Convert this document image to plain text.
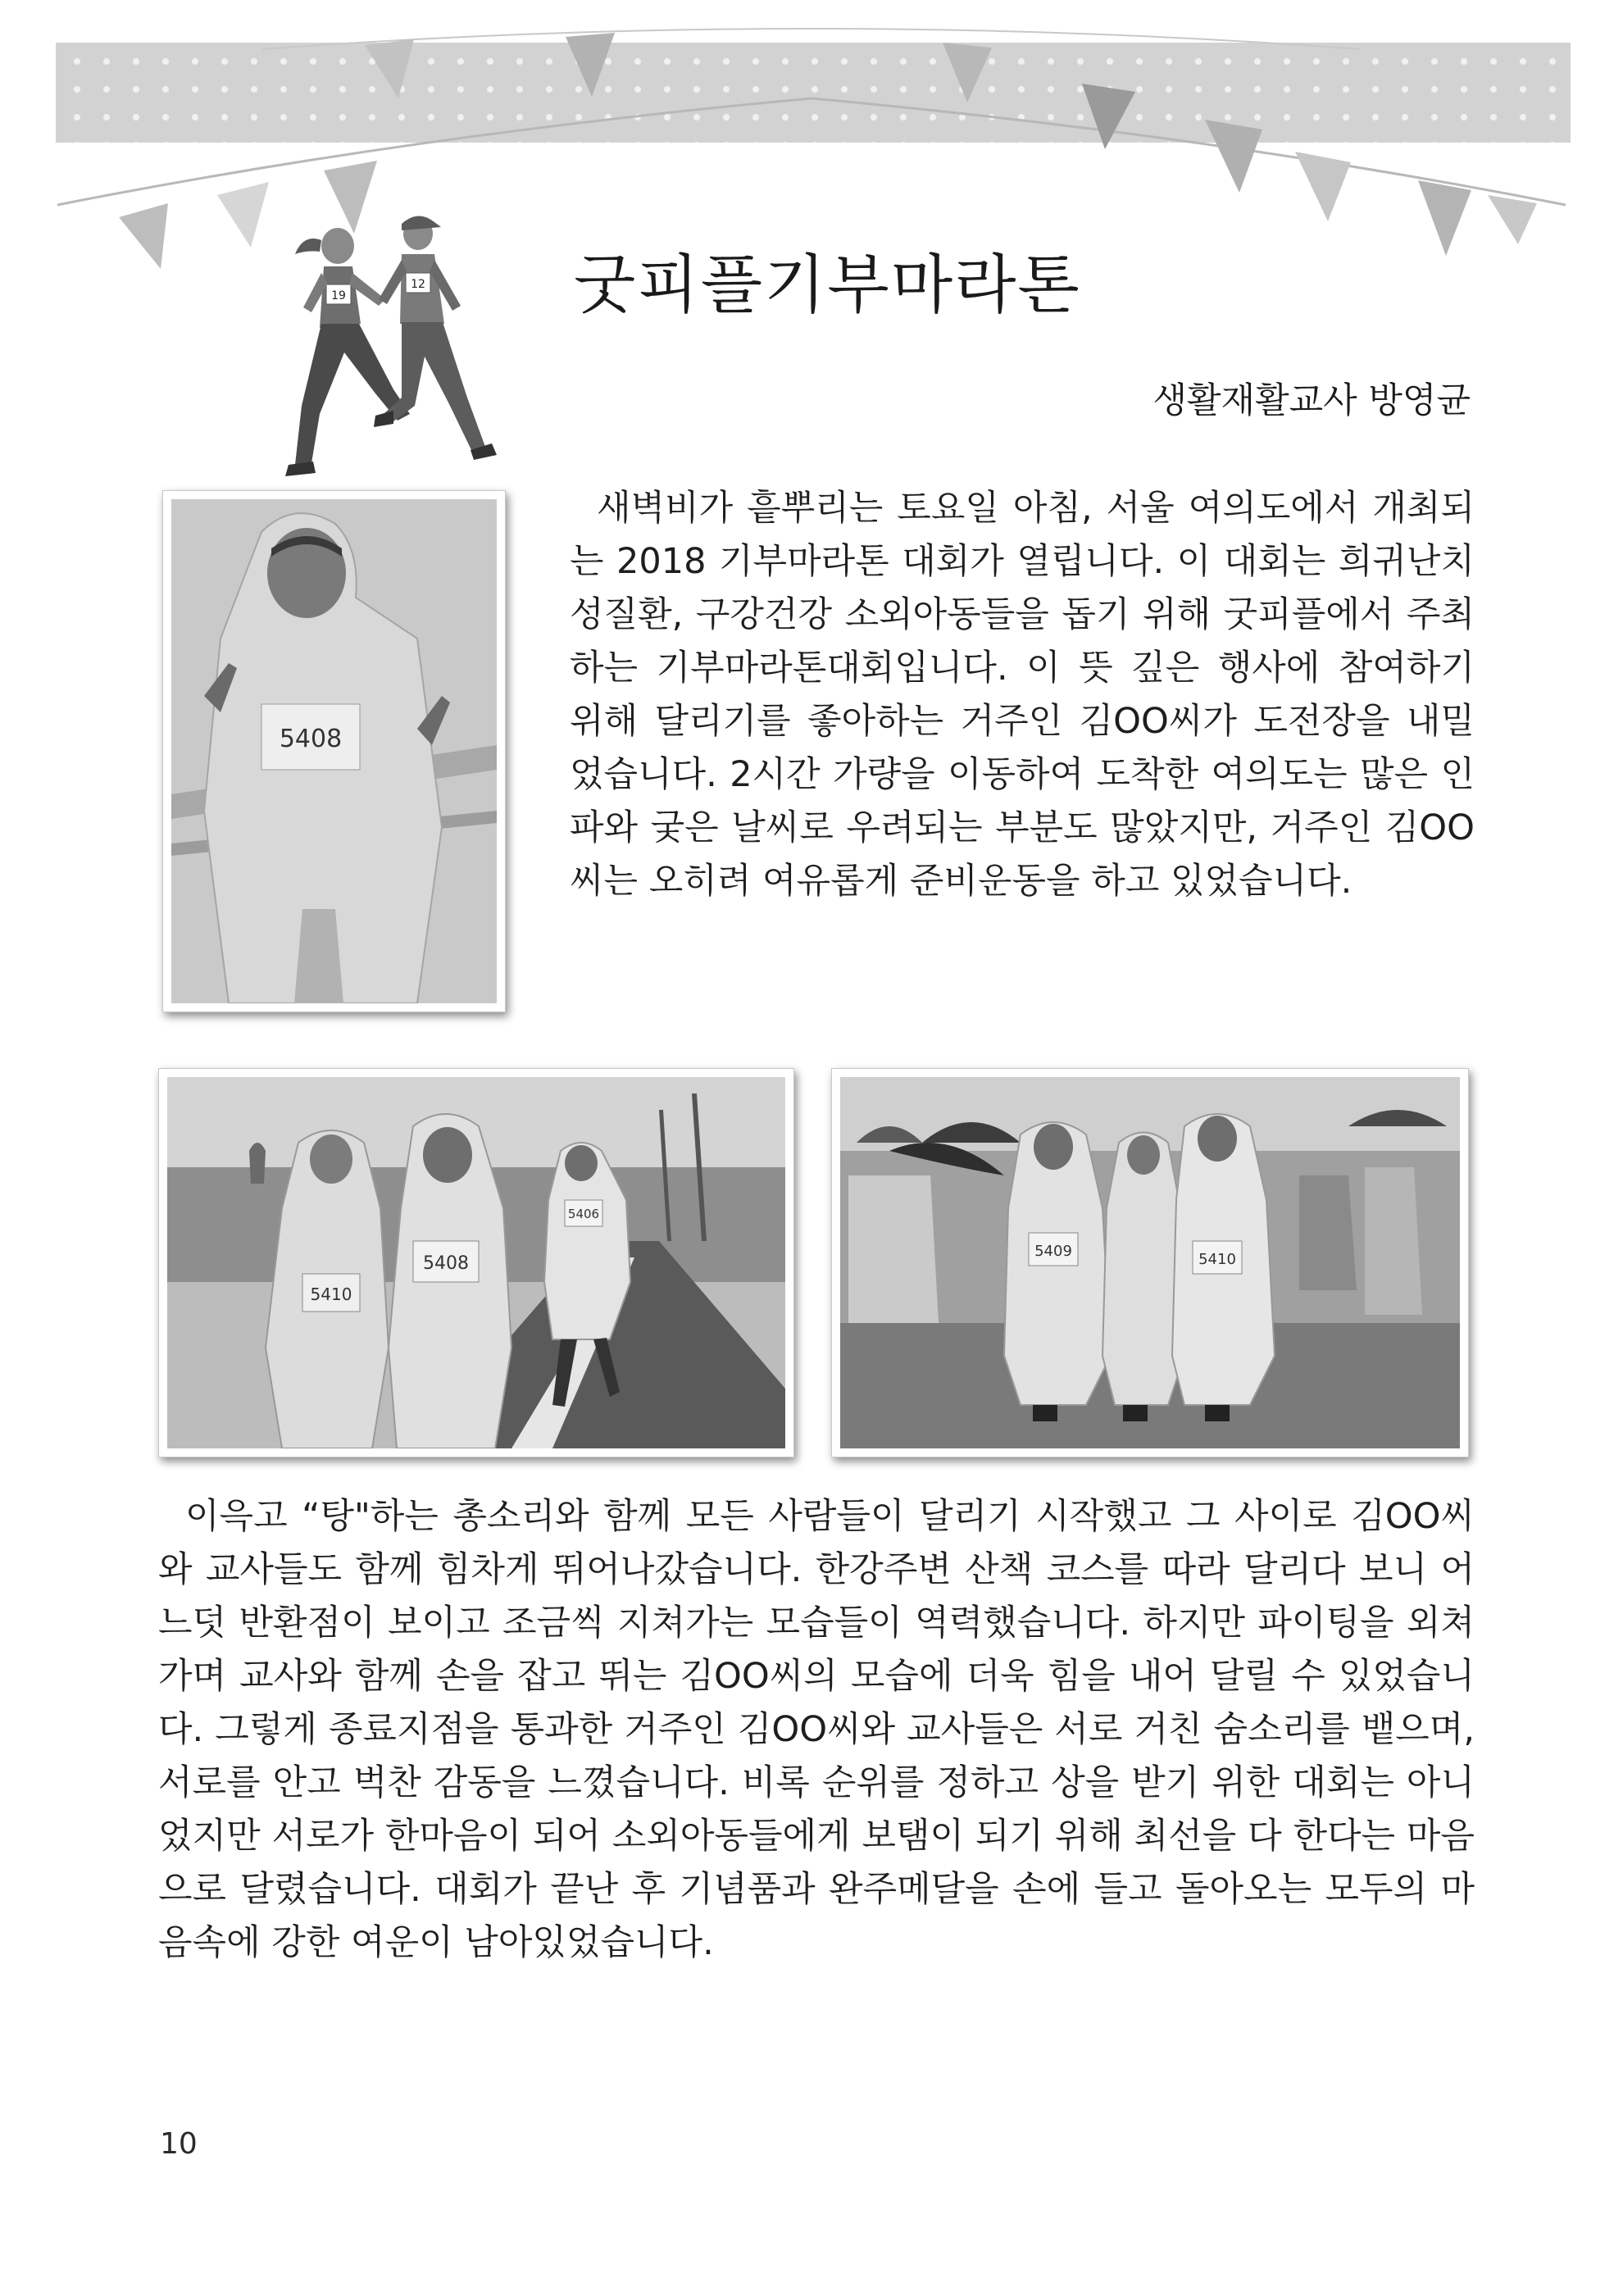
19
12 굿피플기부마라톤
생활재활교사 방영균
5408

새벽비가 흩뿌리는 토요일 아침, 서울 여의도에서 개최되는 2018 기부마라톤 대회가 열립니다. 이 대회는 희귀난치성질환, 구강건강 소외아동들을 돕기 위해 굿피플에서 주최하는 기부마라톤대회입니다. 이 뜻 깊은 행사에 참여하기 위해 달리기를 좋아하는 거주인 김OO씨가 도전장을 내밀었습니다. 2시간 가량을 이동하여 도착한 여의도는 많은 인파와 궂은 날씨로 우려되는 부분도 많았지만, 거주인 김OO씨는 오히려 여유롭게 준비운동을 하고 있었습니다.

5410
5408
5406
5409	5410

이윽고 “탕"하는 총소리와 함께 모든 사람들이 달리기 시작했고 그 사이로 김OO씨와 교사들도 함께 힘차게 뛰어나갔습니다. 한강주변 산책 코스를 따라 달리다 보니 어느덧 반환점이 보이고 조금씩 지쳐가는 모습들이 역력했습니다. 하지만 파이팅을 외쳐가며 교사와 함께 손을 잡고 뛰는 김OO씨의 모습에 더욱 힘을 내어 달릴 수 있었습니다. 그렇게 종료지점을 통과한 거주인 김OO씨와 교사들은 서로 거친 숨소리를 뱉으며, 서로를 안고 벅찬 감동을 느꼈습니다. 비록 순위를 정하고 상을 받기 위한 대회는 아니었지만 서로가 한마음이 되어 소외아동들에게 보탬이 되기 위해 최선을 다 한다는 마음으로 달렸습니다. 대회가 끝난 후 기념품과 완주메달을 손에 들고 돌아오는 모두의 마음속에 강한 여운이 남아있었습니다.

10
